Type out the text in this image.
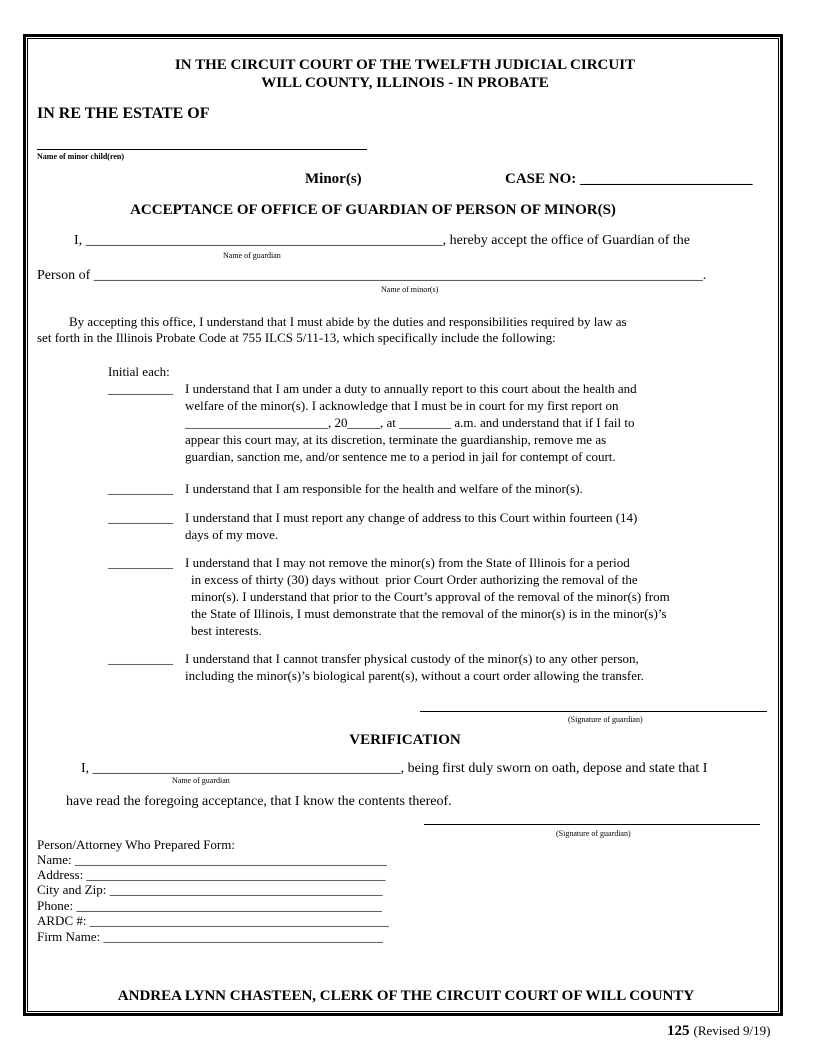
IN THE CIRCUIT COURT OF THE TWELFTH JUDICIAL CIRCUIT
WILL COUNTY, ILLINOIS - IN PROBATE
IN RE THE ESTATE OF
Name of minor child(ren)
Minor(s)	CASE NO: _______________________
ACCEPTANCE OF OFFICE OF GUARDIAN OF PERSON OF MINOR(S)
I, ___________________________________________________, hereby accept the office of Guardian of the
Name of guardian
Person of _______________________________________________________________________________________.
Name of minor(s)
By accepting this office, I understand that I must abide by the duties and responsibilities required by law as
set forth in the Illinois Probate Code at 755 ILCS 5/11-13, which specifically include the following:
Initial each:
__________ I understand that I am under a duty to annually report to this court about the health and
welfare of the minor(s). I acknowledge that I must be in court for my first report on
______________________, 20_____, at ________ a.m. and understand that if I fail to
appear this court may, at its discretion, terminate the guardianship, remove me as
guardian, sanction me, and/or sentence me to a period in jail for contempt of court.
__________ I understand that I am responsible for the health and welfare of the minor(s).
__________ I understand that I must report any change of address to this Court within fourteen (14)
days of my move.
__________ I understand that I may not remove the minor(s) from the State of Illinois for a period
in excess of thirty (30) days without  prior Court Order authorizing the removal of the
minor(s). I understand that prior to the Court’s approval of the removal of the minor(s) from
the State of Illinois, I must demonstrate that the removal of the minor(s) is in the minor(s)’s
best interests.
__________ I understand that I cannot transfer physical custody of the minor(s) to any other person,
including the minor(s)’s biological parent(s), without a court order allowing the transfer.
(Signature of guardian)
VERIFICATION
I, ____________________________________________, being first duly sworn on oath, depose and state that I
Name of guardian
have read the foregoing acceptance, that I know the contents thereof.
(Signature of guardian)
Person/Attorney Who Prepared Form:
Name: ________________________________________________
Address: ______________________________________________
City and Zip: __________________________________________
Phone: _______________________________________________
ARDC #: ______________________________________________
Firm Name: ___________________________________________
ANDREA LYNN CHASTEEN, CLERK OF THE CIRCUIT COURT OF WILL COUNTY
125 (Revised 9/19)
